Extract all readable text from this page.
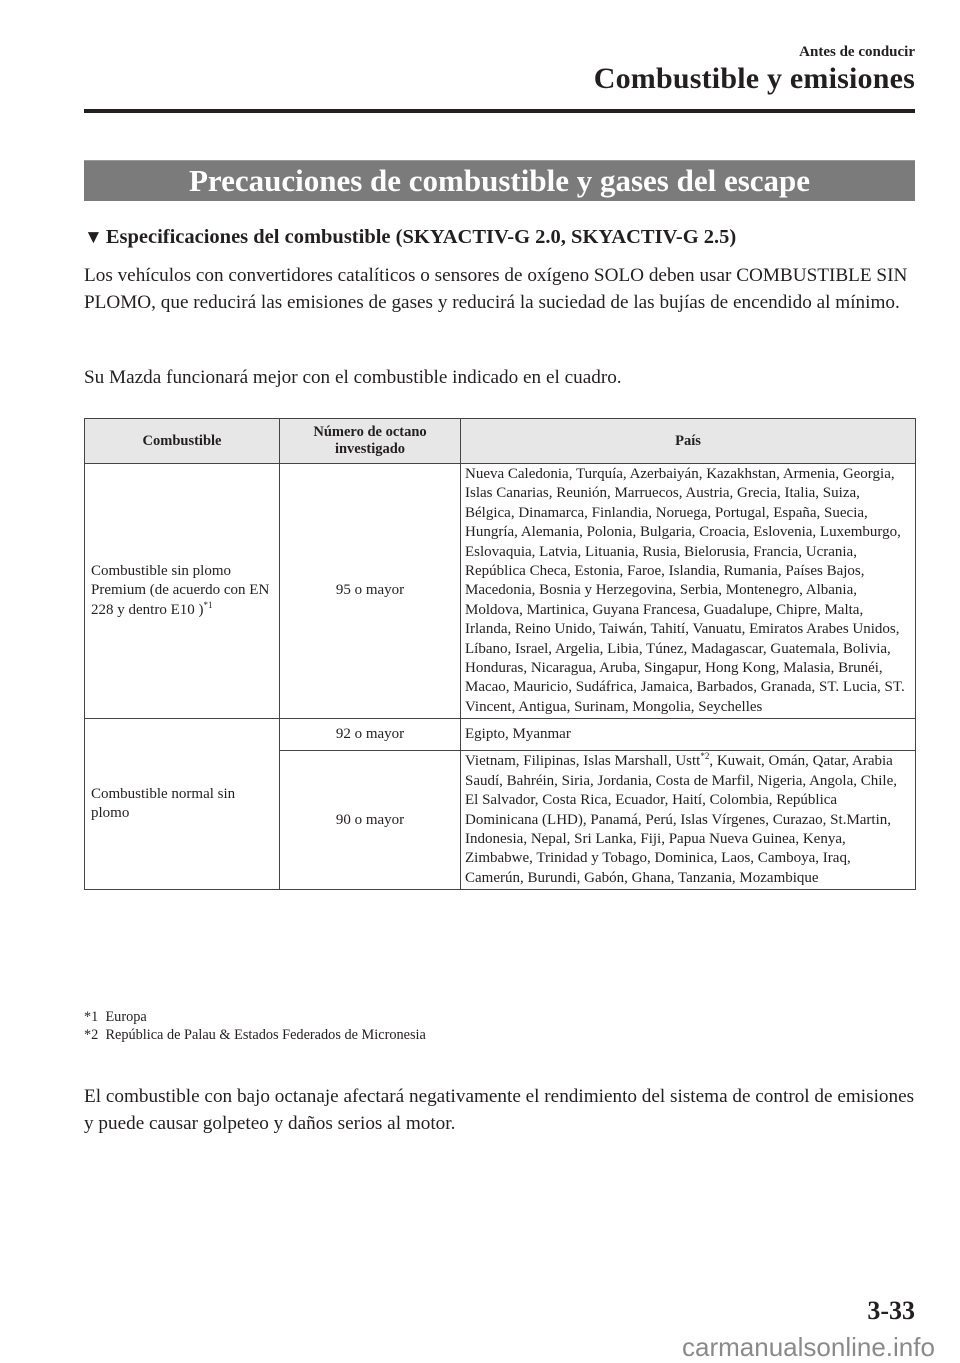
Antes de conducir
Combustible y emisiones
Precauciones de combustible y gases del escape
▼ Especificaciones del combustible (SKYACTIV-G 2.0, SKYACTIV-G 2.5)
Los vehículos con convertidores catalíticos o sensores de oxígeno SOLO deben usar COMBUSTIBLE SIN PLOMO, que reducirá las emisiones de gases y reducirá la suciedad de las bujías de encendido al mínimo.
Su Mazda funcionará mejor con el combustible indicado en el cuadro.
Combustible	Número de octano investigado	País
Combustible sin plomo Premium (de acuerdo con EN 228 y dentro E10 )$^{*1}$	95 o mayor	Nueva Caledonia, Turquía, Azerbaiyán, Kazakhstan, Armenia, Georgia, Islas Canarias, Reunión, Marruecos, Austria, Grecia, Italia, Suiza, Bélgica, Dinamarca, Finlandia, Noruega, Portugal, España, Suecia, Hungría, Alemania, Polonia, Bulgaria, Croacia, Eslovenia, Luxemburgo, Eslovaquia, Latvia, Lituania, Rusia, Bielorusia, Francia, Ucrania, República Checa, Estonia, Faroe, Islandia, Rumania, Países Bajos, Macedonia, Bosnia y Herzegovina, Serbia, Montenegro, Albania, Moldova, Martinica, Guyana Francesa, Guadalupe, Chipre, Malta, Irlanda, Reino Unido, Taiwán, Tahití, Vanuatu, Emiratos Arabes Unidos, Líbano, Israel, Argelia, Libia, Túnez, Madagascar, Guatemala, Bolivia, Honduras, Nicaragua, Aruba, Singapur, Hong Kong, Malasia, Brunéi, Macao, Mauricio, Sudáfrica, Jamaica, Barbados, Granada, ST. Lucia, ST. Vincent, Antigua, Surinam, Mongolia, Seychelles
Combustible normal sin plomo	92 o mayor	Egipto, Myanmar
	90 o mayor	Vietnam, Filipinas, Islas Marshall, Ustt$^{*2}$, Kuwait, Omán, Qatar, Arabia Saudí, Bahréin, Siria, Jordania, Costa de Marfil, Nigeria, Angola, Chile, El Salvador, Costa Rica, Ecuador, Haití, Colombia, República Dominicana (LHD), Panamá, Perú, Islas Vírgenes, Curazao, St.Martin, Indonesia, Nepal, Sri Lanka, Fiji, Papua Nueva Guinea, Kenya, Zimbabwe, Trinidad y Tobago, Dominica, Laos, Camboya, Iraq, Camerún, Burundi, Gabón, Ghana, Tanzania, Mozambique
*1  Europa
*2  República de Palau & Estados Federados de Micronesia
El combustible con bajo octanaje afectará negativamente el rendimiento del sistema de control de emisiones y puede causar golpeteo y daños serios al motor.
3-33
carmanualsonline.info
